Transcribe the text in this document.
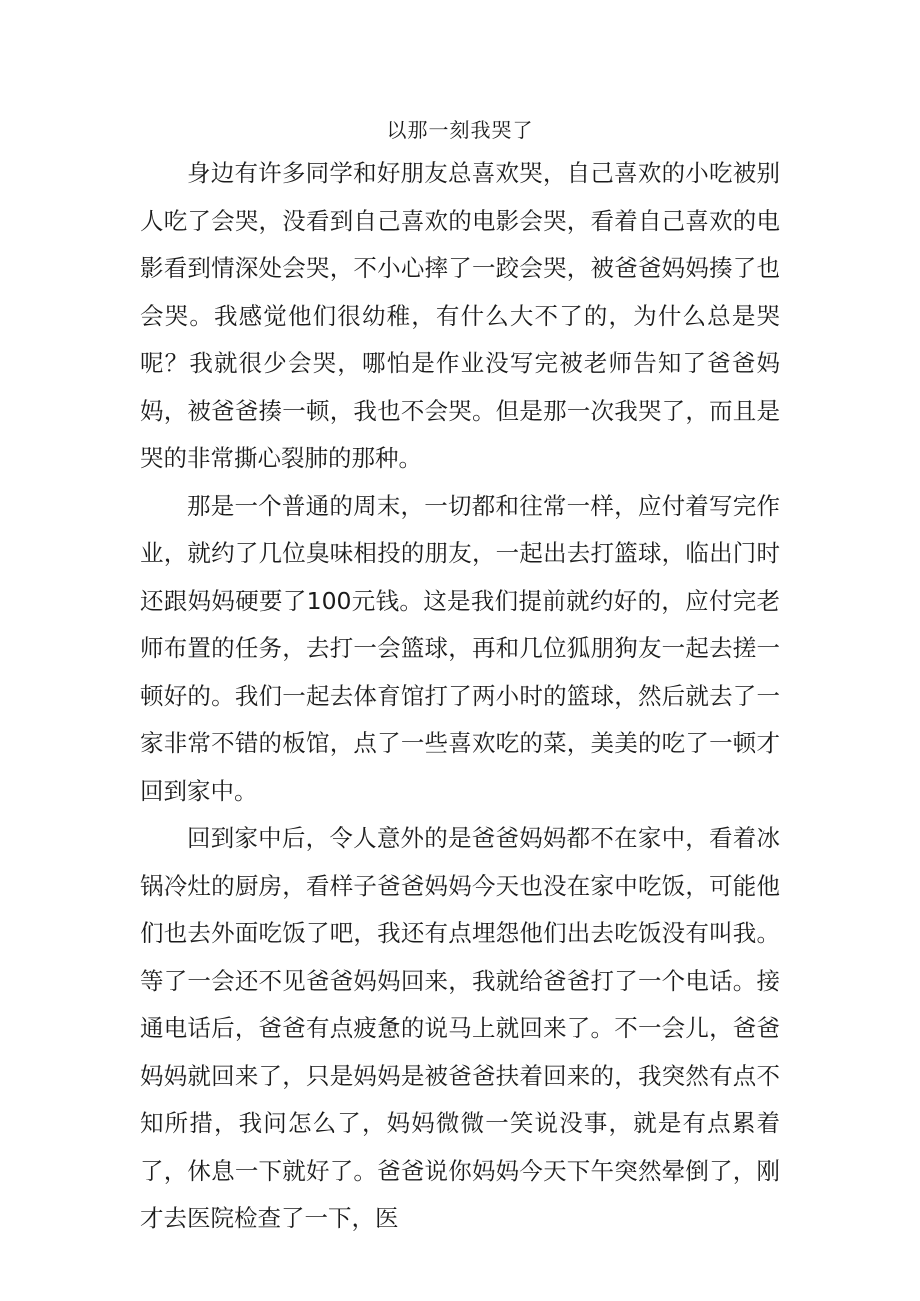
以那一刻我哭了

身边有许多同学和好朋友总喜欢哭，自己喜欢的小吃被别人吃了会哭，没看到自己喜欢的电影会哭，看着自己喜欢的电影看到情深处会哭，不小心摔了一跤会哭，被爸爸妈妈揍了也会哭。我感觉他们很幼稚，有什么大不了的，为什么总是哭呢？我就很少会哭，哪怕是作业没写完被老师告知了爸爸妈妈，被爸爸揍一顿，我也不会哭。但是那一次我哭了，而且是哭的非常撕心裂肺的那种。

那是一个普通的周末，一切都和往常一样，应付着写完作业，就约了几位臭味相投的朋友，一起出去打篮球，临出门时还跟妈妈硬要了100元钱。这是我们提前就约好的，应付完老师布置的任务，去打一会篮球，再和几位狐朋狗友一起去搓一顿好的。我们一起去体育馆打了两小时的篮球，然后就去了一家非常不错的板馆，点了一些喜欢吃的菜，美美的吃了一顿才回到家中。

回到家中后，令人意外的是爸爸妈妈都不在家中，看着冰锅冷灶的厨房，看样子爸爸妈妈今天也没在家中吃饭，可能他们也去外面吃饭了吧，我还有点埋怨他们出去吃饭没有叫我。等了一会还不见爸爸妈妈回来，我就给爸爸打了一个电话。接通电话后，爸爸有点疲惫的说马上就回来了。不一会儿，爸爸妈妈就回来了，只是妈妈是被爸爸扶着回来的，我突然有点不知所措，我问怎么了，妈妈微微一笑说没事，就是有点累着了，休息一下就好了。爸爸说你妈妈今天下午突然晕倒了，刚才去医院检查了一下，医
